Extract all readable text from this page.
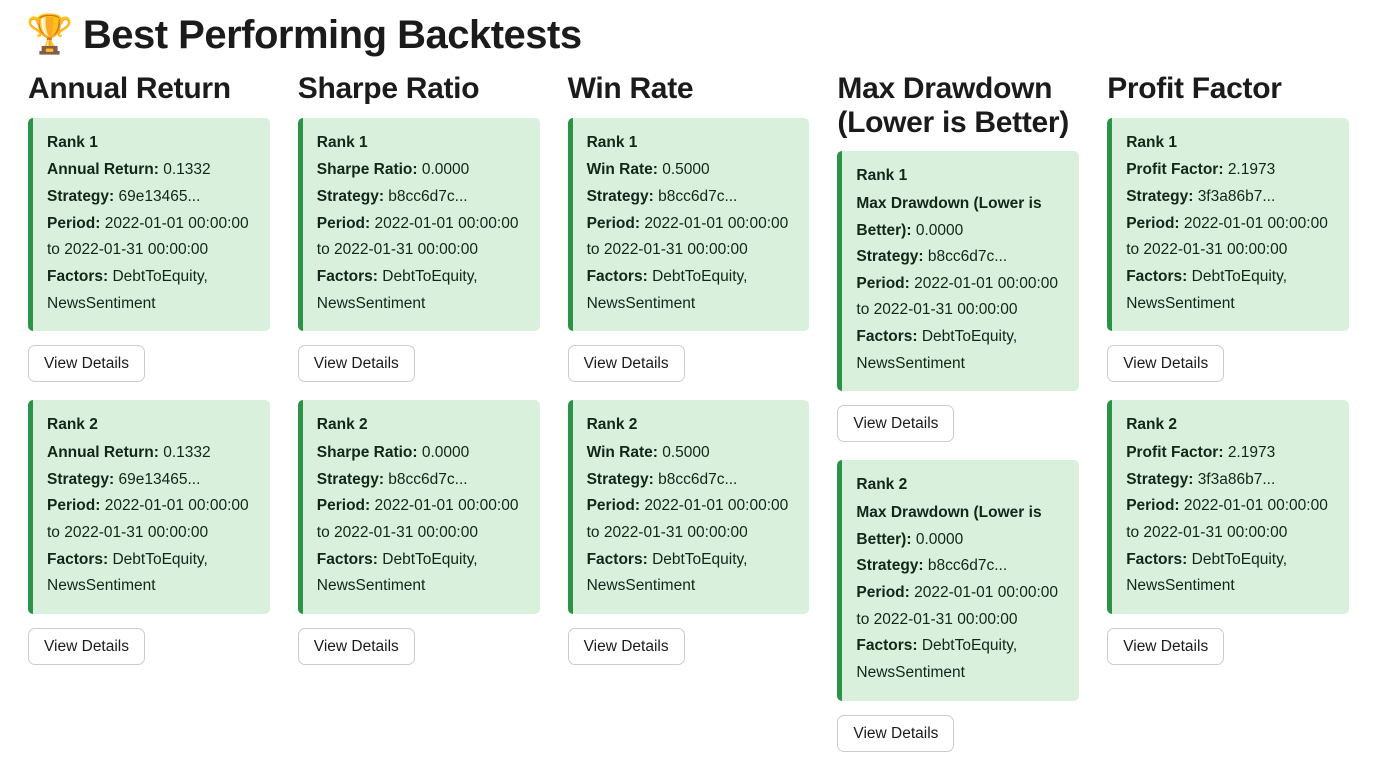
🏆 Best Performing Backtests
Annual Return
Rank 1
Annual Return: 0.1332
Strategy: 69e13465...
Period: 2022-01-01 00:00:00 to 2022-01-31 00:00:00
Factors: DebtToEquity, NewsSentiment
View Details
Rank 2
Annual Return: 0.1332
Strategy: 69e13465...
Period: 2022-01-01 00:00:00 to 2022-01-31 00:00:00
Factors: DebtToEquity, NewsSentiment
View Details
Sharpe Ratio
Rank 1
Sharpe Ratio: 0.0000
Strategy: b8cc6d7c...
Period: 2022-01-01 00:00:00 to 2022-01-31 00:00:00
Factors: DebtToEquity, NewsSentiment
View Details
Rank 2
Sharpe Ratio: 0.0000
Strategy: b8cc6d7c...
Period: 2022-01-01 00:00:00 to 2022-01-31 00:00:00
Factors: DebtToEquity, NewsSentiment
View Details
Win Rate
Rank 1
Win Rate: 0.5000
Strategy: b8cc6d7c...
Period: 2022-01-01 00:00:00 to 2022-01-31 00:00:00
Factors: DebtToEquity, NewsSentiment
View Details
Rank 2
Win Rate: 0.5000
Strategy: b8cc6d7c...
Period: 2022-01-01 00:00:00 to 2022-01-31 00:00:00
Factors: DebtToEquity, NewsSentiment
View Details
Max Drawdown (Lower is Better)
Rank 1
Max Drawdown (Lower is Better): 0.0000
Strategy: b8cc6d7c...
Period: 2022-01-01 00:00:00 to 2022-01-31 00:00:00
Factors: DebtToEquity, NewsSentiment
View Details
Rank 2
Max Drawdown (Lower is Better): 0.0000
Strategy: b8cc6d7c...
Period: 2022-01-01 00:00:00 to 2022-01-31 00:00:00
Factors: DebtToEquity, NewsSentiment
View Details
Profit Factor
Rank 1
Profit Factor: 2.1973
Strategy: 3f3a86b7...
Period: 2022-01-01 00:00:00 to 2022-01-31 00:00:00
Factors: DebtToEquity, NewsSentiment
View Details
Rank 2
Profit Factor: 2.1973
Strategy: 3f3a86b7...
Period: 2022-01-01 00:00:00 to 2022-01-31 00:00:00
Factors: DebtToEquity, NewsSentiment
View Details
